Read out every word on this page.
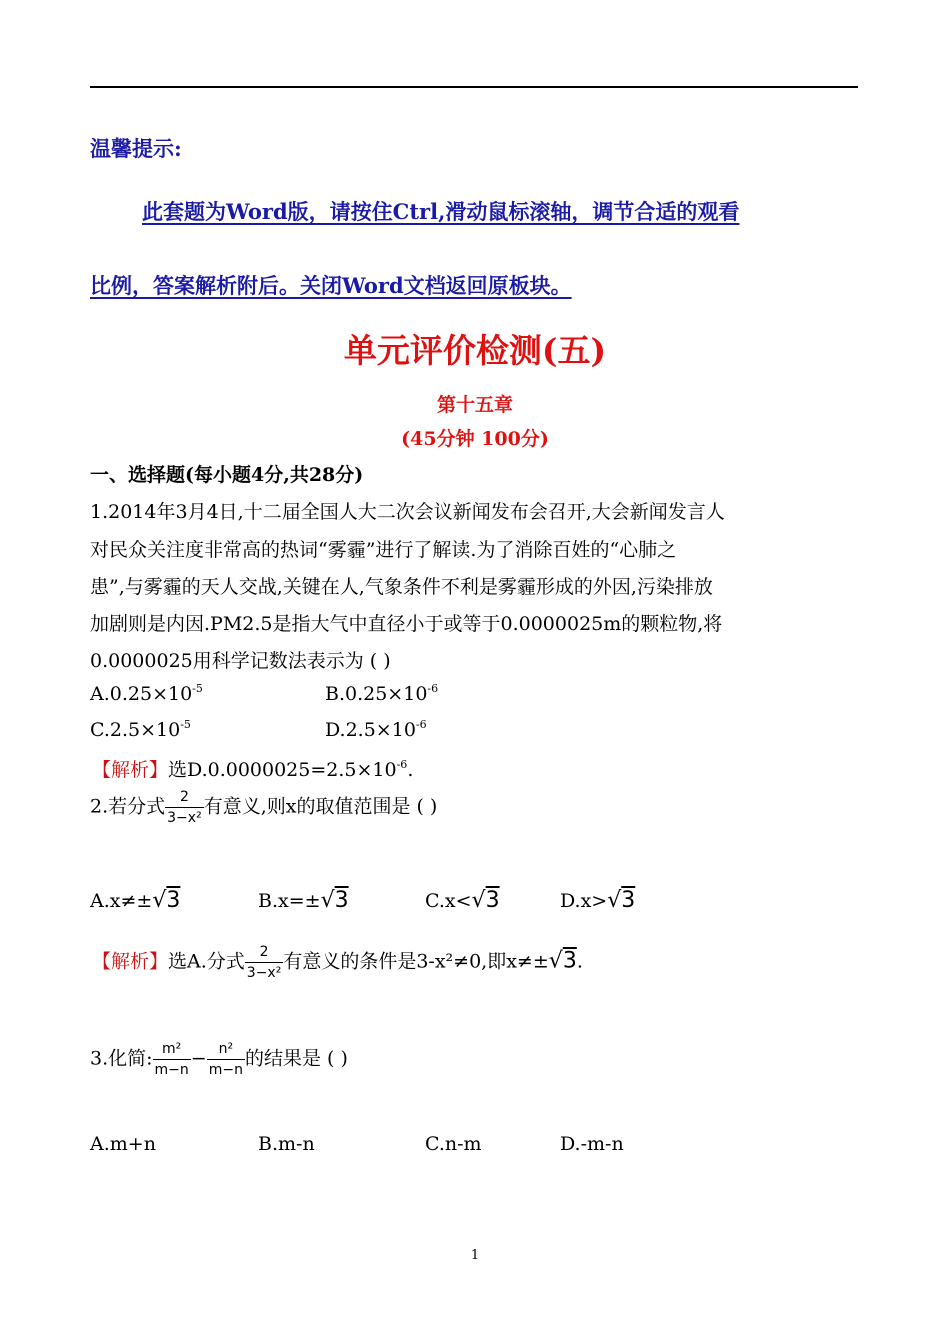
温馨提示:
此套题为Word版，请按住Ctrl,滑动鼠标滚轴，调节合适的观看
比例，答案解析附后。关闭Word文档返回原板块。
单元评价检测(五)
第十五章
(45分钟 100分)
一、选择题(每小题4分,共28分)
1.2014年3月4日,十二届全国人大二次会议新闻发布会召开,大会新闻发言人
对民众关注度非常高的热词“雾霾”进行了解读.为了消除百姓的“心肺之
患”,与雾霾的天人交战,关键在人,气象条件不利是雾霾形成的外因,污染排放
加剧则是内因.PM2.5是指大气中直径小于或等于0.0000025m的颗粒物,将
0.0000025用科学记数法表示为 ( )
$A.0.25\times 10^{-5}$	$B.0.25\times 10^{-6}$
$C.2.5\times 10^{-5}$	$D.2.5\times 10^{-6}$
【解析】选$D.0.0000025=2.5\times 10^{-6}$.
2.若分式 $\frac{2}{\text{3−x²}}$ 有意义,则x的取值范围是 ( )
A.x≠±√3	B.x=±√3	C.x<√3	D.x>√3
【解析】选A.分式 $\frac{2}{\text{3−x²}}$ 有意义的条件是3-x²≠0,即x≠±√3.
3.化简: $\frac{\text{m²}}{m-n} - \frac{\text{n²}}{m-n}$ 的结果是 ( )
A.m+n	B.m-n	C.n-m	D.-m-n
1
